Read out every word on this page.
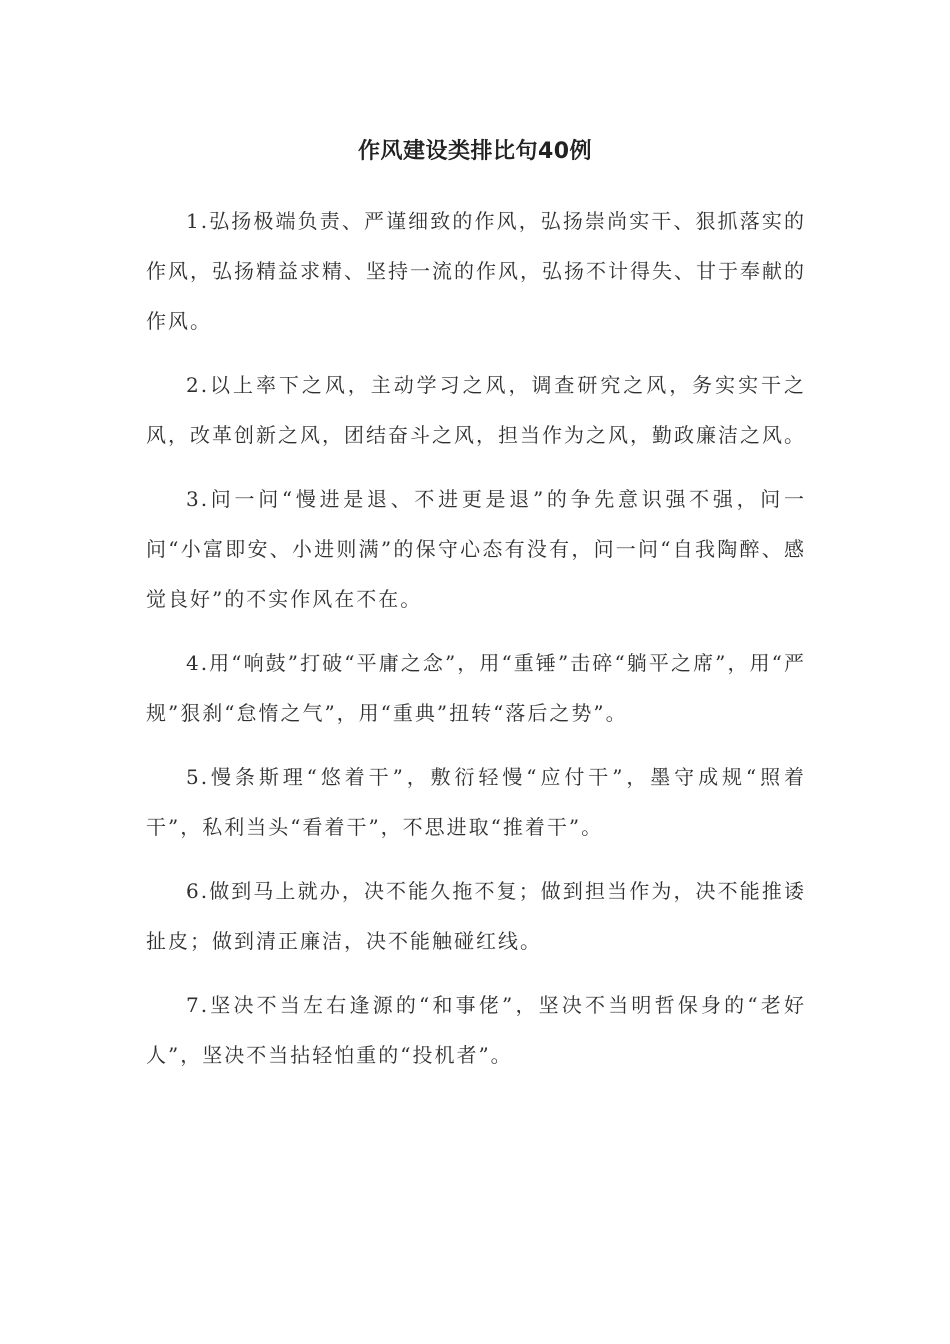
作风建设类排比句40例

1.弘扬极端负责、严谨细致的作风，弘扬崇尚实干、狠抓落实的作风，弘扬精益求精、坚持一流的作风，弘扬不计得失、甘于奉献的作风。

2.以上率下之风，主动学习之风，调查研究之风，务实实干之风，改革创新之风，团结奋斗之风，担当作为之风，勤政廉洁之风。

3.问一问“慢进是退、不进更是退”的争先意识强不强，问一问“小富即安、小进则满”的保守心态有没有，问一问“自我陶醉、感觉良好”的不实作风在不在。

4.用“响鼓”打破“平庸之念”，用“重锤”击碎“躺平之席”，用“严规”狠刹“怠惰之气”，用“重典”扭转“落后之势”。

5.慢条斯理“悠着干”，敷衍轻慢“应付干”，墨守成规“照着干”，私利当头“看着干”，不思进取“推着干”。

6.做到马上就办，决不能久拖不复；做到担当作为，决不能推诿扯皮；做到清正廉洁，决不能触碰红线。

7.坚决不当左右逢源的“和事佬”，坚决不当明哲保身的“老好人”，坚决不当拈轻怕重的“投机者”。
